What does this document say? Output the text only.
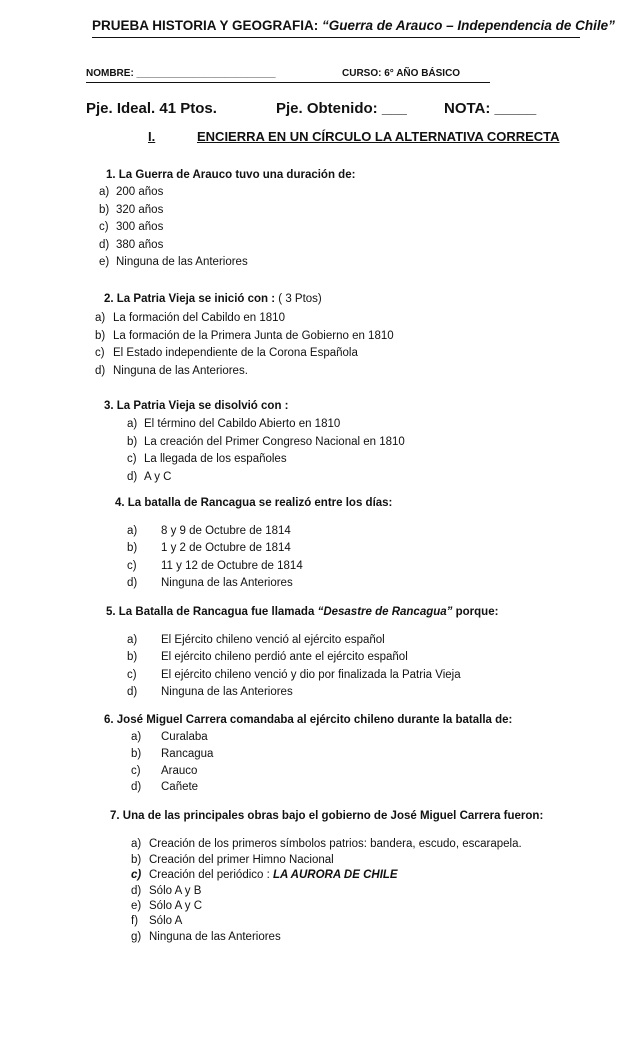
PRUEBA HISTORIA Y GEOGRAFIA: “Guerra de Arauco – Independencia de Chile”
NOMBRE: _________________________	CURSO: 6° AÑO BÁSICO
Pje. Ideal. 41 Ptos.	Pje. Obtenido: ___ NOTA: _____
I.	ENCIERRA EN UN CÍRCULO LA ALTERNATIVA CORRECTA
1. La Guerra de Arauco tuvo una duración de:
a) 200 años
b) 320 años
c) 300 años
d) 380 años
e) Ninguna de las Anteriores
2. La Patria Vieja se inició con : ( 3 Ptos)
a) La formación del Cabildo en 1810
b) La formación de la Primera Junta de Gobierno en 1810
c) El Estado independiente de la Corona Española
d) Ninguna de las Anteriores.
3. La Patria Vieja se disolvió con :
a) El término del Cabildo Abierto en 1810
b) La creación del Primer Congreso Nacional en 1810
c) La llegada de los españoles
d) A y C
4. La batalla de Rancagua se realizó entre los días:
a) 8 y 9 de Octubre de 1814
b) 1 y 2 de Octubre de 1814
c) 11 y 12 de Octubre de 1814
d) Ninguna de las Anteriores
5. La Batalla de Rancagua fue llamada “Desastre de Rancagua” porque:
a) El Ejército chileno venció al ejército español
b) El ejército chileno perdió ante el ejército español
c) El ejército chileno venció y dio por finalizada la Patria Vieja
d) Ninguna de las Anteriores
6. José Miguel Carrera comandaba al ejército chileno durante la batalla de:
a) Curalaba
b) Rancagua
c) Arauco
d) Cañete
7. Una de las principales obras bajo el gobierno de José Miguel Carrera fueron:
a) Creación de los primeros símbolos patrios: bandera, escudo, escarapela.
b) Creación del primer Himno Nacional
c) Creación del periódico : LA AURORA DE CHILE
d) Sólo A y B
e) Sólo A y C
f) Sólo A
g) Ninguna de las Anteriores
